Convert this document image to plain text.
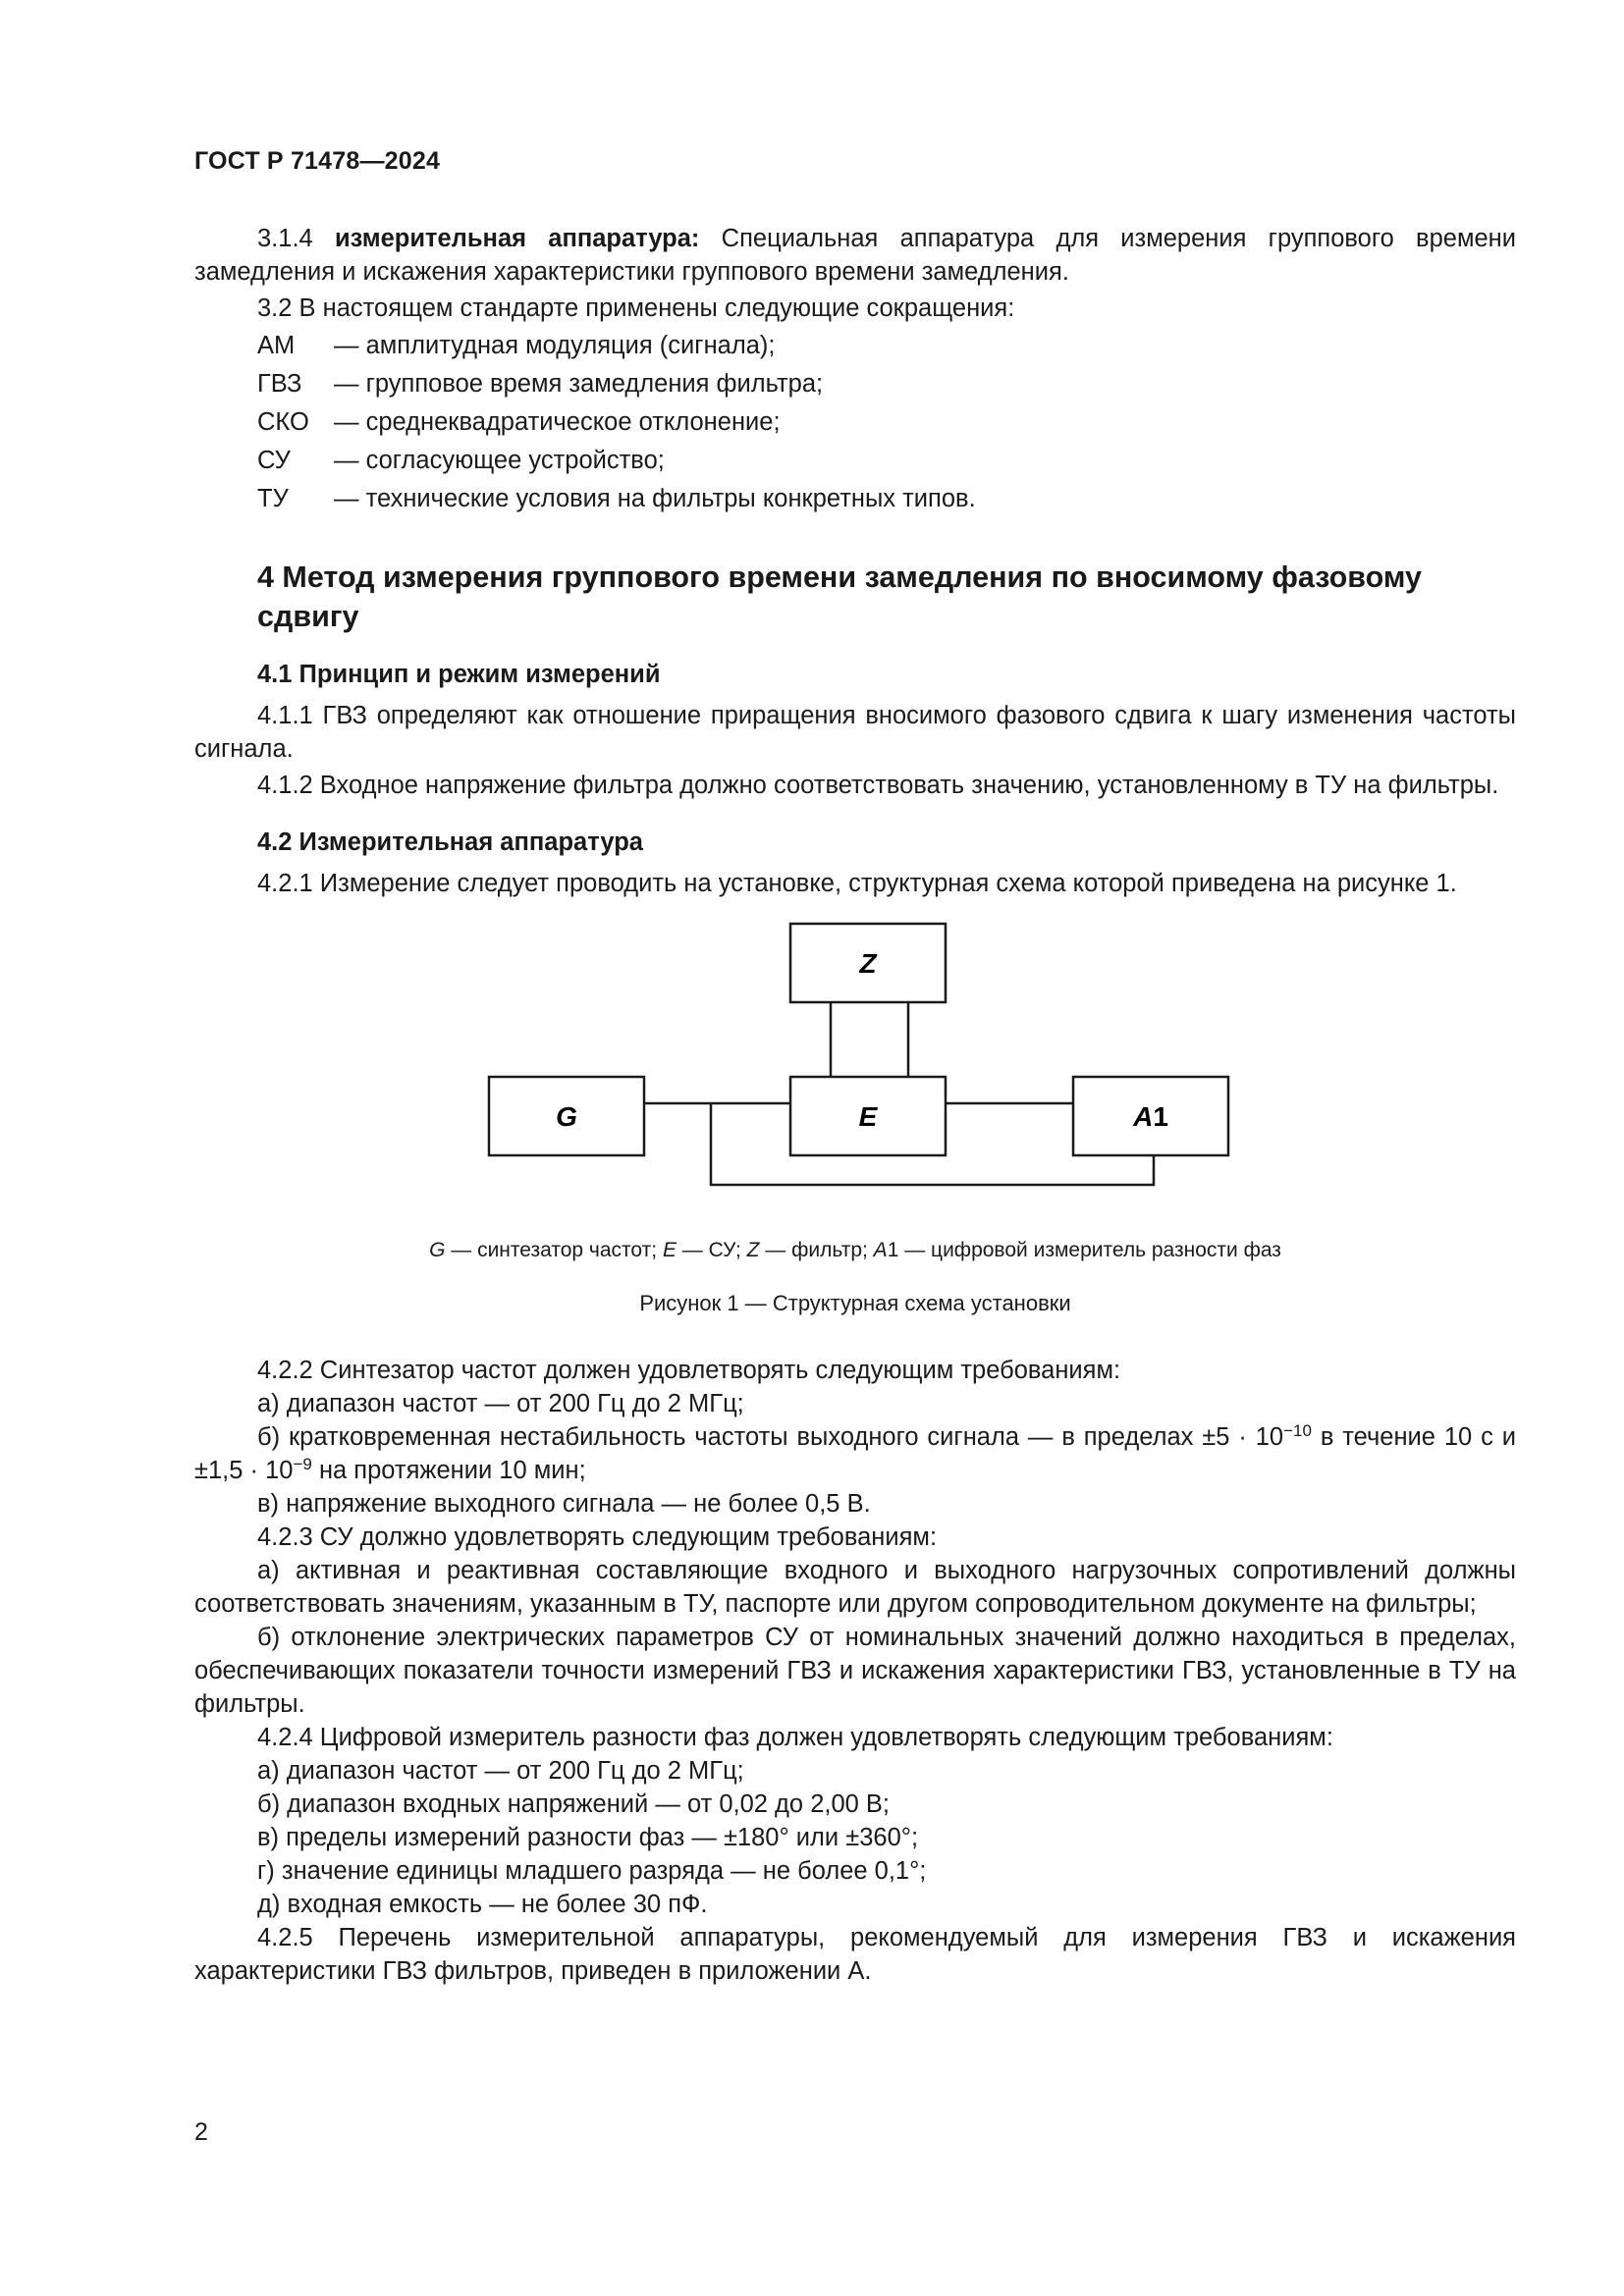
ГОСТ Р 71478—2024

3.1.4 измерительная аппаратура: Специальная аппаратура для измерения группового времени замедления и искажения характеристики группового времени замедления.

3.2 В настоящем стандарте применены следующие сокращения:

АМ	— амплитудная модуляция (сигнала);
ГВЗ	— групповое время замедления фильтра;
СКО — среднеквадратическое отклонение;
СУ	— согласующее устройство;
ТУ	— технические условия на фильтры конкретных типов.
4 Метод измерения группового времени замедления по вносимому фазовому сдвигу
4.1 Принцип и режим измерений

4.1.1 ГВЗ определяют как отношение приращения вносимого фазового сдвига к шагу изменения частоты сигнала.

4.1.2 Входное напряжение фильтра должно соответствовать значению, установленному в ТУ на фильтры.

4.2 Измерительная аппаратура

4.2.1 Измерение следует проводить на установке, структурная схема которой приведена на рисунке 1.

Z
G	E	A1
G — синтезатор частот; E — СУ; Z — фильтр; A1 — цифровой измеритель разности фаз
Рисунок 1 — Структурная схема установки

4.2.2 Синтезатор частот должен удовлетворять следующим требованиям:

а) диапазон частот — от 200 Гц до 2 МГц;

б) кратковременная нестабильность частоты выходного сигнала — в пределах $\pm 5 \cdot 10^{-10}$ в течение 10 с $и \pm 1,5 \cdot 10^{-9}$ на протяжении 10 мин;

в) напряжение выходного сигнала — не более 0,5 В.

4.2.3 СУ должно удовлетворять следующим требованиям:

а) активная и реактивная составляющие входного и выходного нагрузочных сопротивлений должны соответствовать значениям, указанным в ТУ, паспорте или другом сопроводительном документе на фильтры;

б) отклонение электрических параметров СУ от номинальных значений должно находиться в пределах, обеспечивающих показатели точности измерений ГВЗ и искажения характеристики ГВЗ, установленные в ТУ на фильтры.

4.2.4 Цифровой измеритель разности фаз должен удовлетворять следующим требованиям:

а) диапазон частот — от 200 Гц до 2 МГц;

б) диапазон входных напряжений — от 0,02 до 2,00 В;

в) пределы измерений разности фаз — ±180° или ±360°;

г) значение единицы младшего разряда — не более 0,1°;

д) входная емкость — не более 30 пФ.

4.2.5 Перечень измерительной аппаратуры, рекомендуемый для измерения ГВЗ и искажения характеристики ГВЗ фильтров, приведен в приложении А.

2
